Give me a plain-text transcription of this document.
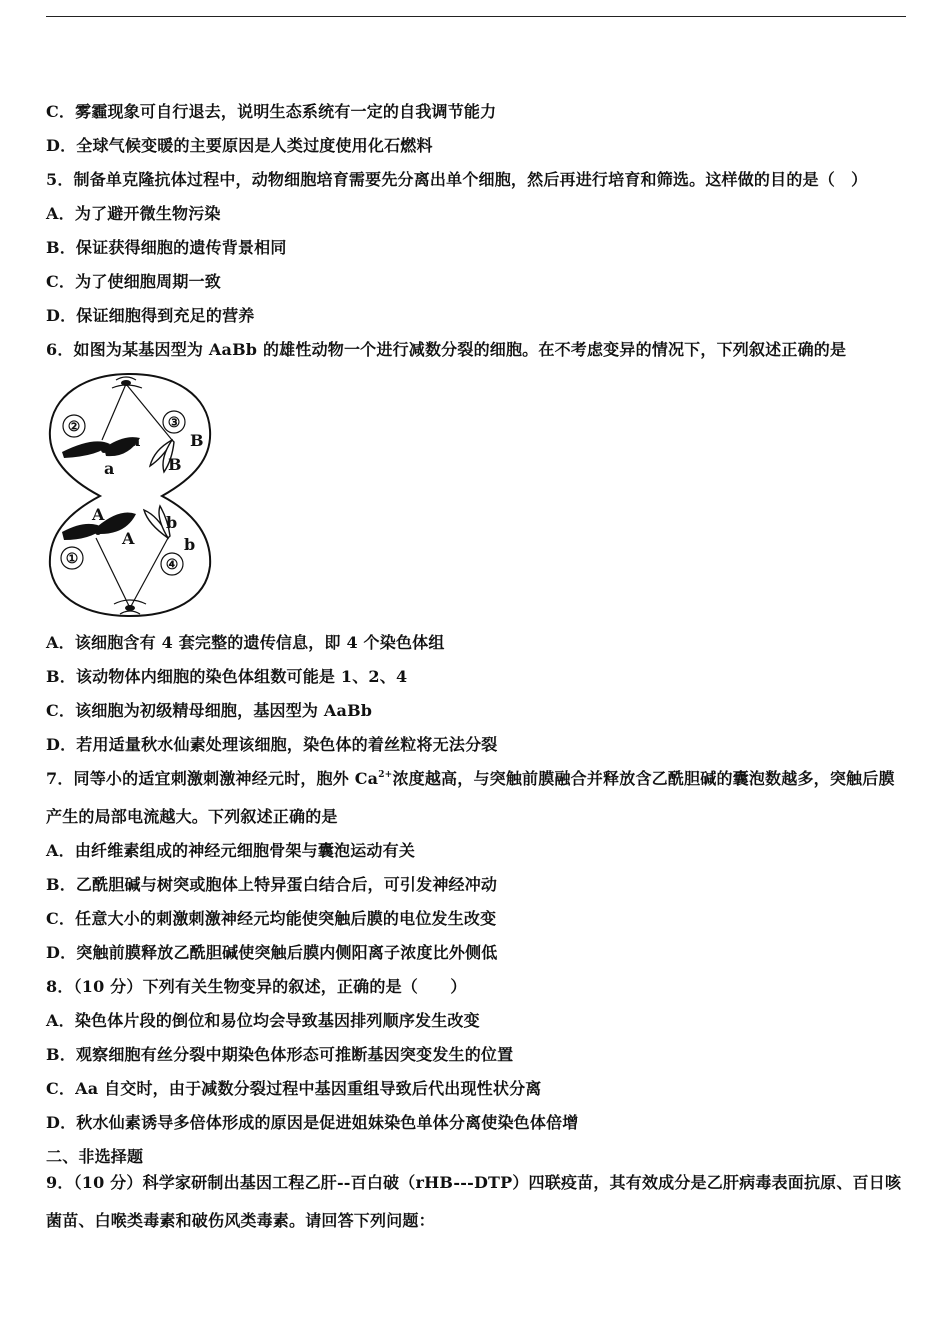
C．雾霾现象可自行退去，说明生态系统有一定的自我调节能力
D．全球气候变暖的主要原因是人类过度使用化石燃料
5．制备单克隆抗体过程中，动物细胞培育需要先分离出单个细胞，然后再进行培育和筛选。这样做的目的是（　）
A．为了避开微生物污染
B．保证获得细胞的遗传背景相同
C．为了使细胞周期一致
D．保证细胞得到充足的营养
6．如图为某基因型为 AaBb 的雄性动物一个进行减数分裂的细胞。在不考虑变异的情况下，下列叙述正确的是
②	③
①	④
a
a
B
B
A
A
b
b
A．该细胞含有 4 套完整的遗传信息，即 4 个染色体组
B．该动物体内细胞的染色体组数可能是 1、2、4
C．该细胞为初级精母细胞，基因型为 AaBb
D．若用适量秋水仙素处理该细胞，染色体的着丝粒将无法分裂
7．同等小的适宜刺激刺激神经元时，胞外 $Ca^{2+}$浓度越高，与突触前膜融合并释放含乙酰胆碱的囊泡数越多，突触后膜产生的局部电流越大。下列叙述正确的是
A．由纤维素组成的神经元细胞骨架与囊泡运动有关
B．乙酰胆碱与树突或胞体上特异蛋白结合后，可引发神经冲动
C．任意大小的刺激刺激神经元均能使突触后膜的电位发生改变
D．突触前膜释放乙酰胆碱使突触后膜内侧阳离子浓度比外侧低
8．（10 分）下列有关生物变异的叙述，正确的是（　　）
A．染色体片段的倒位和易位均会导致基因排列顺序发生改变
B．观察细胞有丝分裂中期染色体形态可推断基因突变发生的位置
C．Aa 自交时，由于减数分裂过程中基因重组导致后代出现性状分离
D．秋水仙素诱导多倍体形成的原因是促进姐妹染色单体分离使染色体倍增
二、非选择题
9．（10 分）科学家研制出基因工程乙肝--百白破（rHB---DTP）四联疫苗，其有效成分是乙肝病毒表面抗原、百日咳菌苗、白喉类毒素和破伤风类毒素。请回答下列问题：
